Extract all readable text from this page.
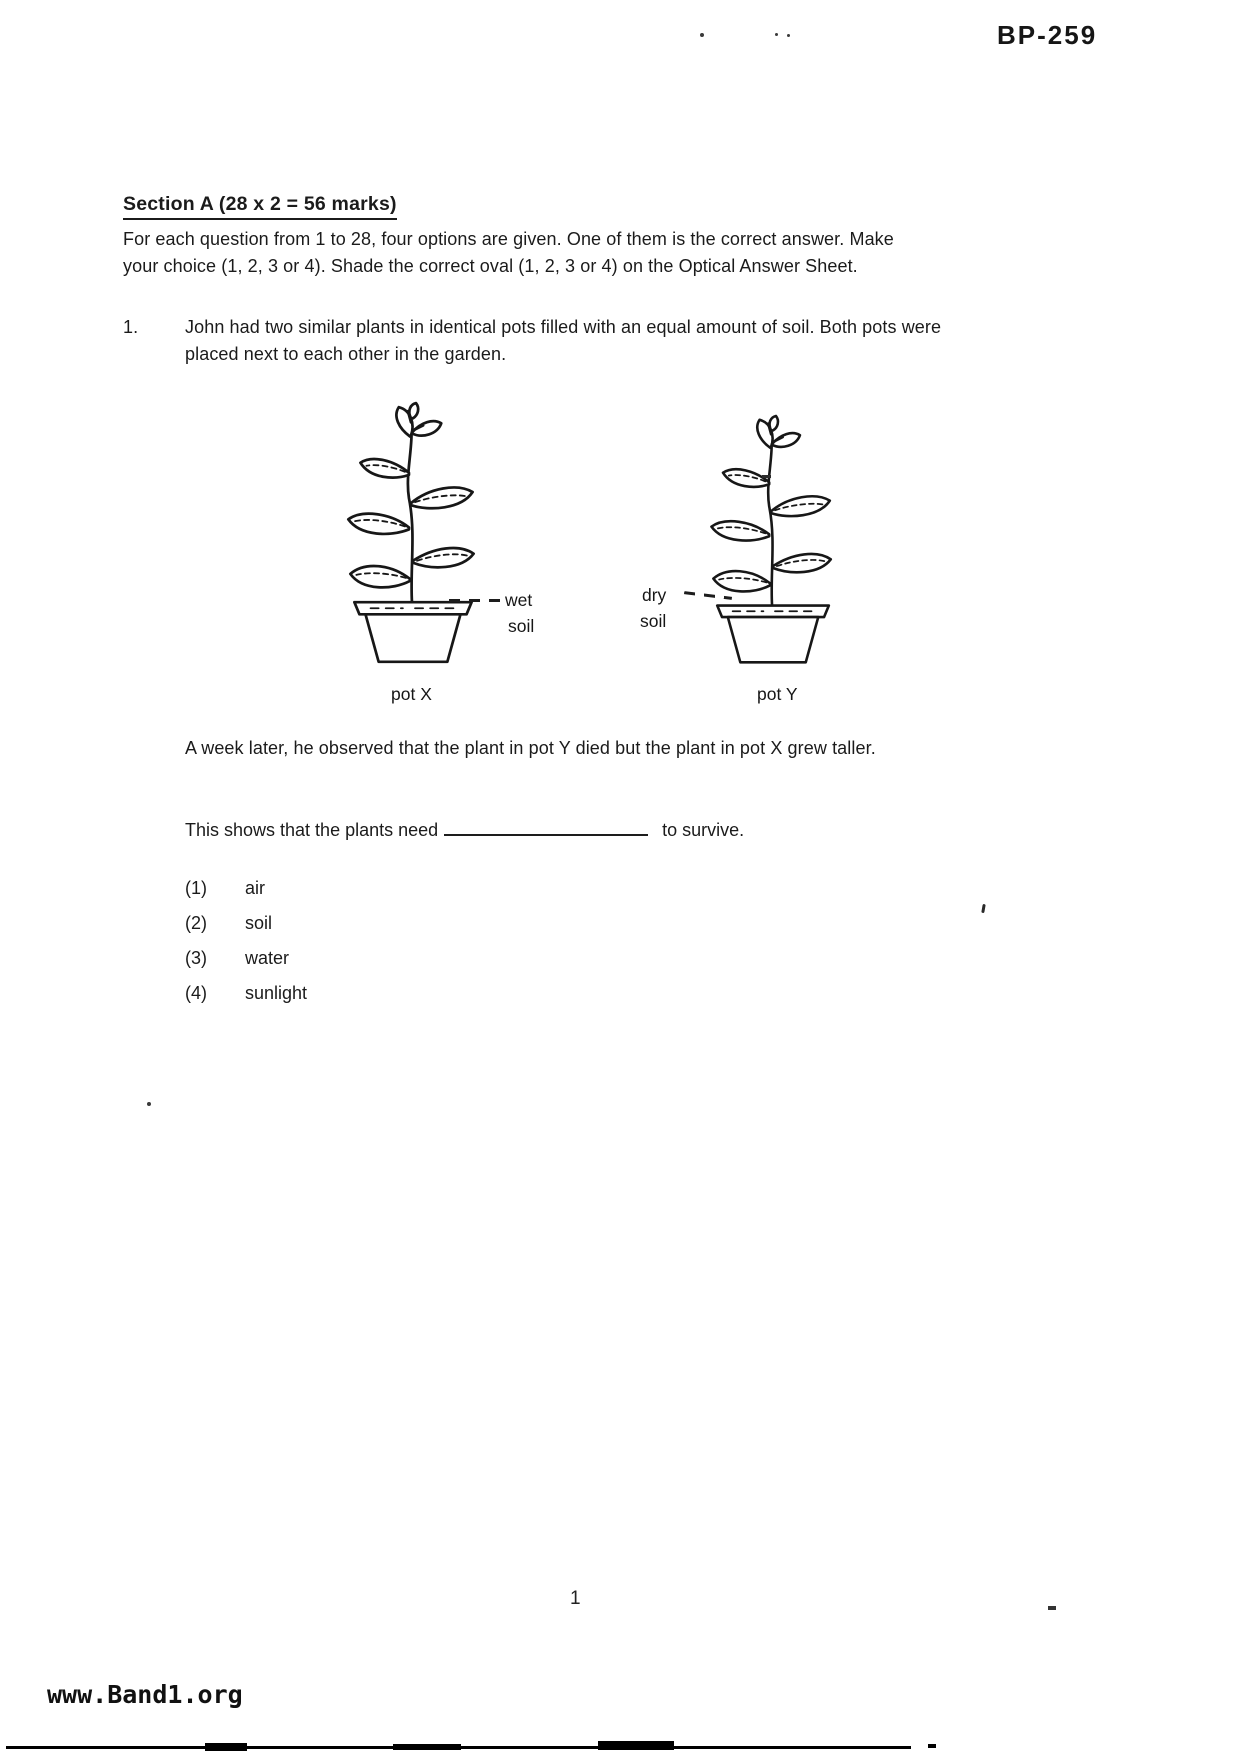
BP-259
Section A (28 x 2 = 56 marks)

For each question from 1 to 28, four options are given. One of them is the correct answer. Make your choice (1, 2, 3 or 4). Shade the correct oval (1, 2, 3 or 4) on the Optical Answer Sheet.

1.	John had two similar plants in identical pots filled with an equal amount of soil. Both pots were placed next to each other in the garden.
wet
soil
dry
soil
pot X	pot Y

A week later, he observed that the plant in pot Y died but the plant in pot X grew taller.

This shows that the plants need	to survive.
(1)	air
(2)	soil
(3)	water
(4)	sunlight
1
www.Band1.org
